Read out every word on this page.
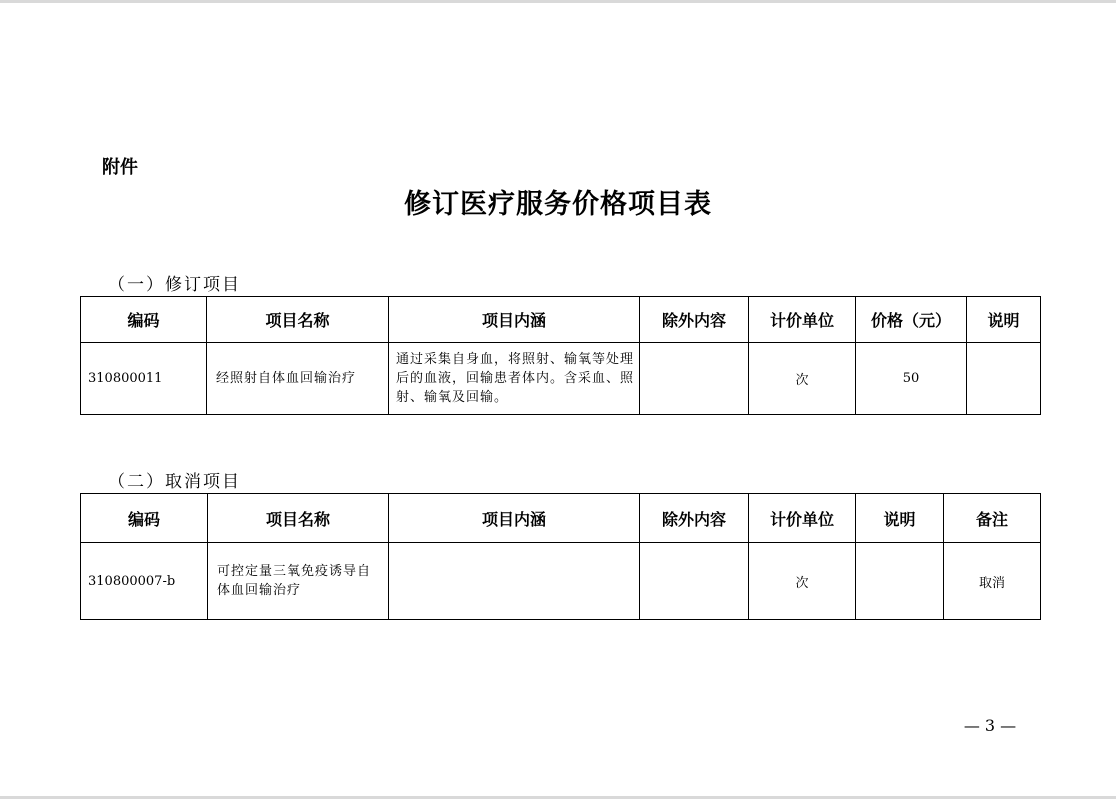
附件
修订医疗服务价格项目表
（一）修订项目
编码	项目名称	项目内涵	除外内容	计价单位	价格（元）	说明
310800011	经照射自体血回输治疗	通过采集自身血，将照射、输氧等处理后的血液，回输患者体内。含采血、照射、输氧及回输。		次	50	
（二）取消项目
编码	项目名称	项目内涵	除外内容	计价单位	说明	备注
310800007-b	可控定量三氧免疫诱导自体血回输治疗			次		取消
— 3 —
